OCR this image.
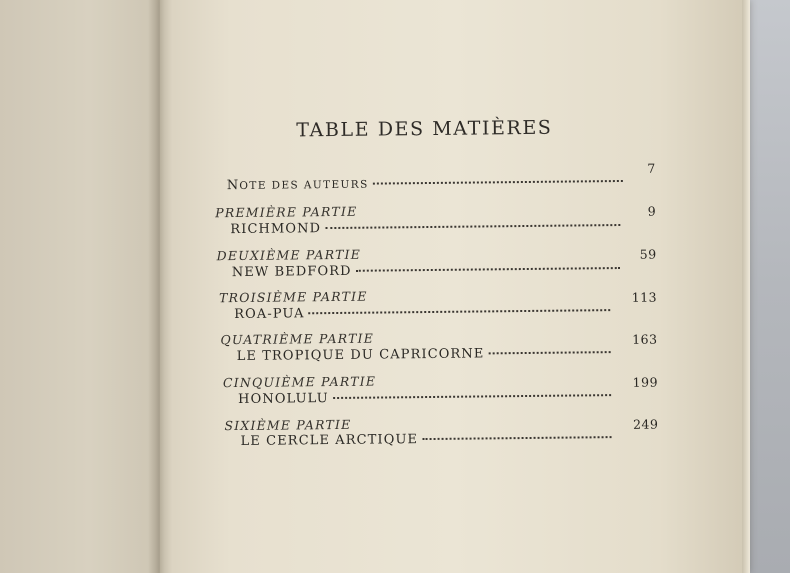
TABLE DES MATIÈRES
NOTE DES AUTEURS
7
PREMIÈRE PARTIE
RICHMOND
9
DEUXIÈME PARTIE
NEW BEDFORD
59
TROISIÈME PARTIE
ROA-PUA
113
QUATRIÈME PARTIE
LE TROPIQUE DU CAPRICORNE
163
CINQUIÈME PARTIE
HONOLULU
199
SIXIÈME PARTIE
LE CERCLE ARCTIQUE
249
